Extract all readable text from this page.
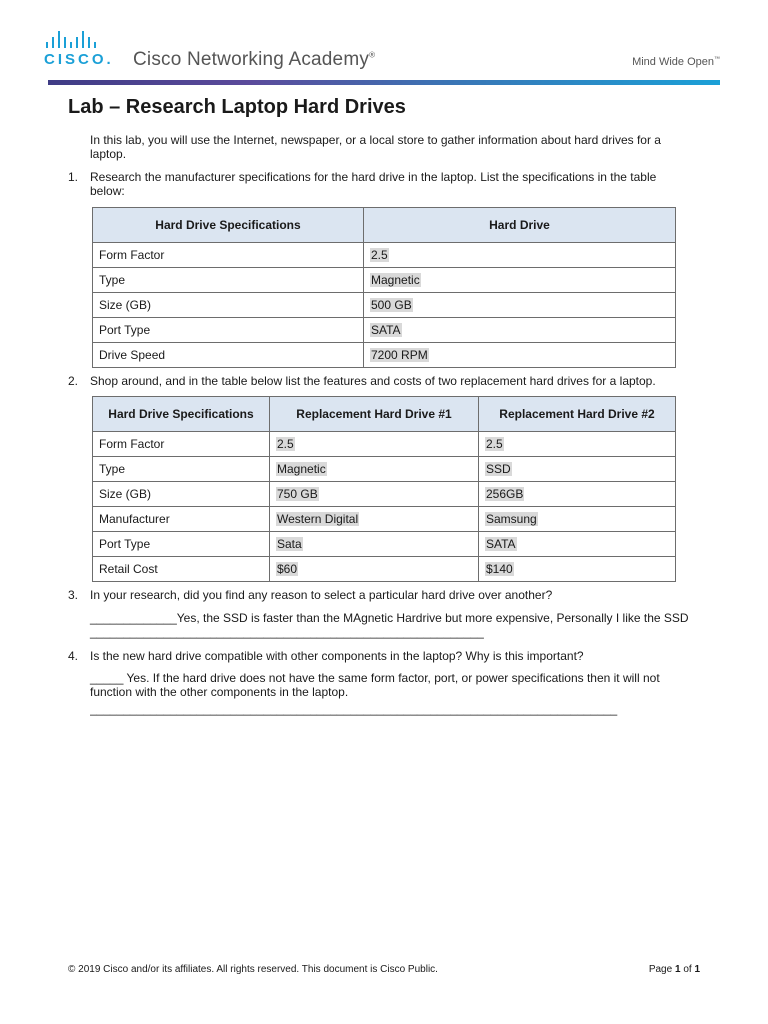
CISCO. Cisco Networking Academy®
Mind Wide Open™
Lab – Research Laptop Hard Drives
In this lab, you will use the Internet, newspaper, or a local store to gather information about hard drives for a laptop.
1. Research the manufacturer specifications for the hard drive in the laptop. List the specifications in the table below:
Hard Drive Specifications	Hard Drive
Form Factor	2.5
Type	Magnetic
Size (GB)	500 GB
Port Type	SATA
Drive Speed	7200 RPM
2. Shop around, and in the table below list the features and costs of two replacement hard drives for a laptop.
Hard Drive Specifications	Replacement Hard Drive #1	Replacement Hard Drive #2
Form Factor	2.5	2.5
Type	Magnetic	SSD
Size (GB)	750 GB	256GB
Manufacturer	Western Digital	Samsung
Port Type	Sata	SATA
Retail Cost	$60	$140
3. In your research, did you find any reason to select a particular hard drive over another?
_____________Yes, the SSD is faster than the MAgnetic Hardrive but more expensive, Personally I like the SSD ___________________________________________________________
4. Is the new hard drive compatible with other components in the laptop? Why is this important?
_____ Yes. If the hard drive does not have the same form factor, port, or power specifications then it will not function with the other components in the laptop.
_______________________________________________________________________________
© 2019 Cisco and/or its affiliates. All rights reserved. This document is Cisco Public.	Page 1 of 1
